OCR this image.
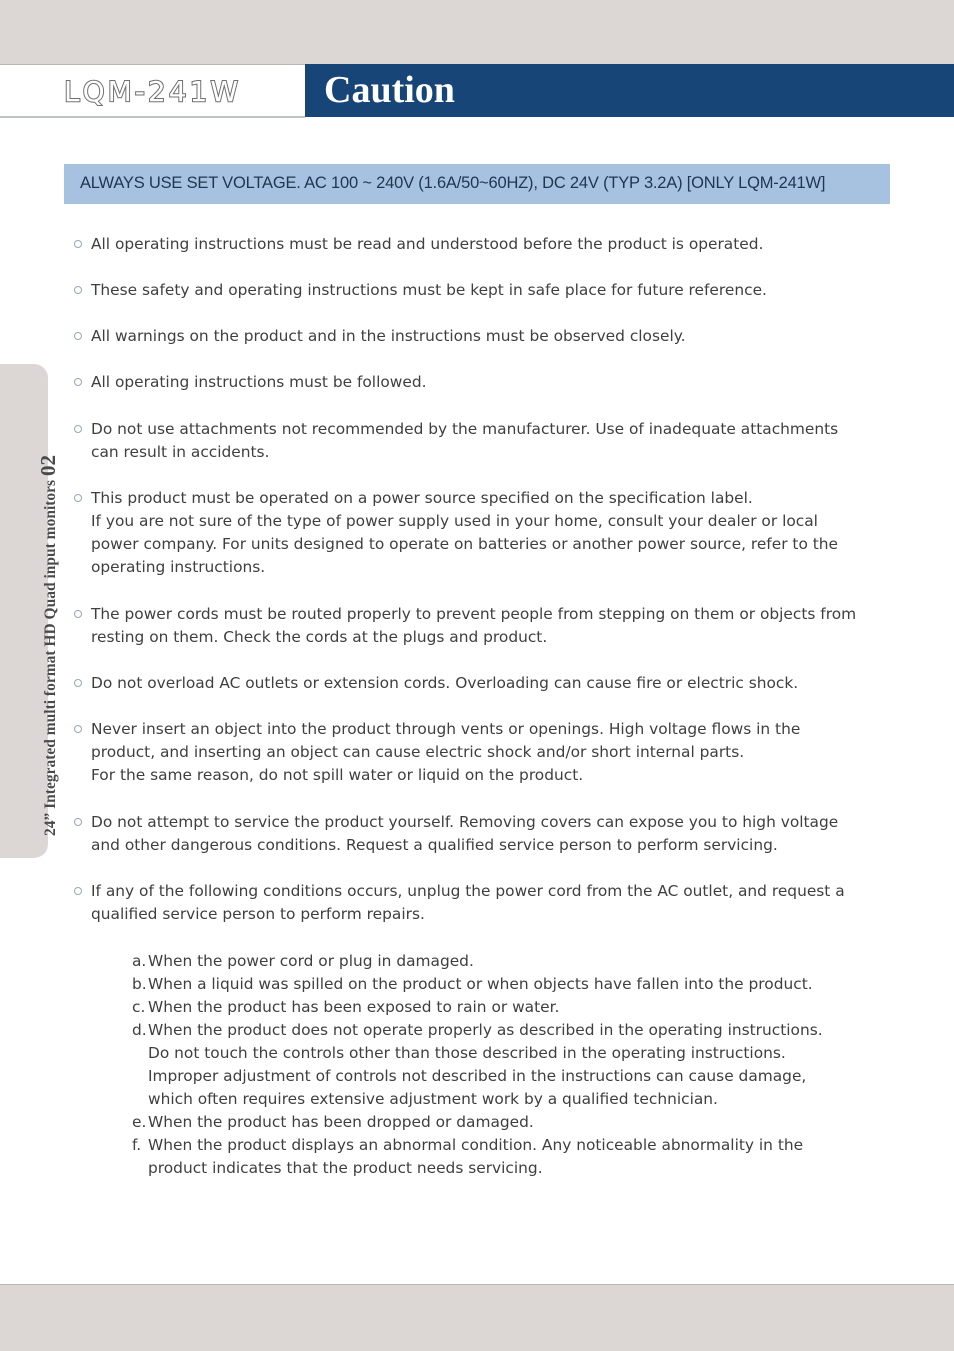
LQM-241W Caution
24” Integrated multi format HD Quad input monitors 02
ALWAYS USE SET VOLTAGE. AC 100 ~ 240V (1.6A/50~60HZ), DC 24V (TYP 3.2A) [ONLY LQM-241W]
All operating instructions must be read and understood before the product is operated.
These safety and operating instructions must be kept in safe place for future reference.
All warnings on the product and in the instructions must be observed closely.
All operating instructions must be followed.
Do not use attachments not recommended by the manufacturer. Use of inadequate attachments
can result in accidents.
This product must be operated on a power source specified on the specification label.
If you are not sure of the type of power supply used in your home, consult your dealer or local
power company. For units designed to operate on batteries or another power source, refer to the
operating instructions.
The power cords must be routed properly to prevent people from stepping on them or objects from
resting on them. Check the cords at the plugs and product.
Do not overload AC outlets or extension cords. Overloading can cause fire or electric shock.
Never insert an object into the product through vents or openings. High voltage flows in the
product, and inserting an object can cause electric shock and/or short internal parts.
For the same reason, do not spill water or liquid on the product.
Do not attempt to service the product yourself. Removing covers can expose you to high voltage
and other dangerous conditions. Request a qualified service person to perform servicing.
If any of the following conditions occurs, unplug the power cord from the AC outlet, and request a
qualified service person to perform repairs.
a. When the power cord or plug in damaged.
b. When a liquid was spilled on the product or when objects have fallen into the product.
c. When the product has been exposed to rain or water.
d. When the product does not operate properly as described in the operating instructions.
Do not touch the controls other than those described in the operating instructions.
Improper adjustment of controls not described in the instructions can cause damage,
which often requires extensive adjustment work by a qualified technician.
e. When the product has been dropped or damaged.
f. When the product displays an abnormal condition. Any noticeable abnormality in the
product indicates that the product needs servicing.
